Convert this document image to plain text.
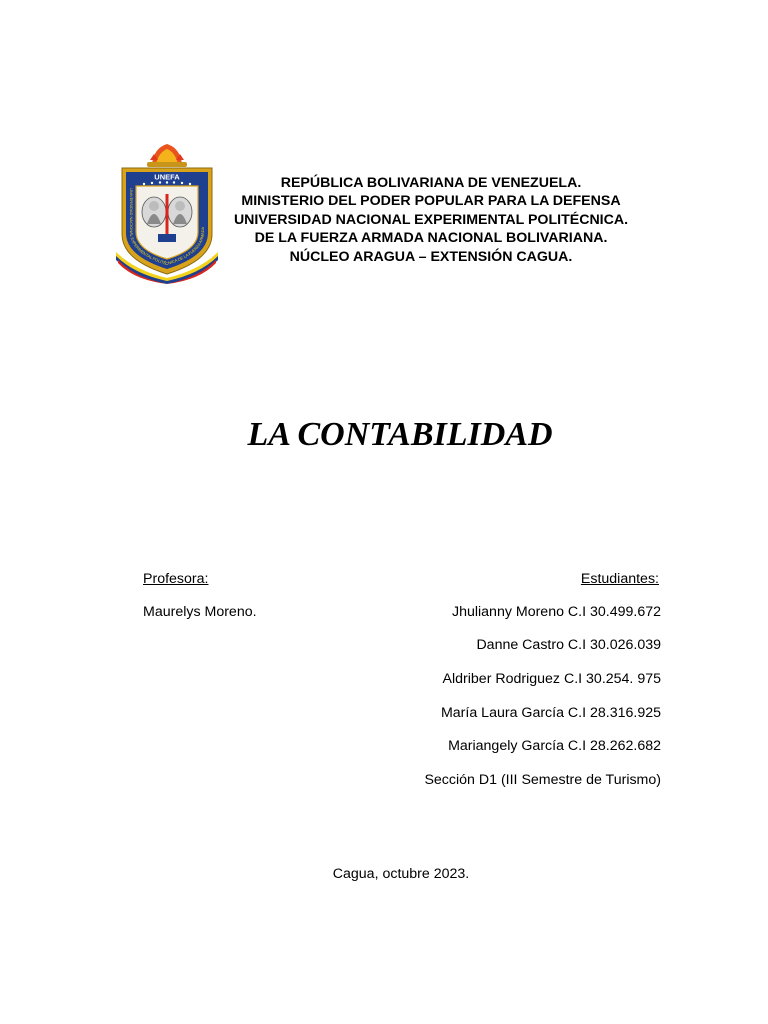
UNEFA
UNIVERSIDAD NACIONAL EXPERIMENTAL POLITÉCNICA DE LA FUERZA ARMADA
REPÚBLICA BOLIVARIANA DE VENEZUELA.
MINISTERIO DEL PODER POPULAR PARA LA DEFENSA
UNIVERSIDAD NACIONAL EXPERIMENTAL POLITÉCNICA.
DE LA FUERZA ARMADA NACIONAL BOLIVARIANA.
NÚCLEO ARAGUA – EXTENSIÓN CAGUA.
LA CONTABILIDAD
Profesora:
Maurelys Moreno.
Estudiantes:
Jhulianny Moreno C.I 30.499.672
Danne Castro C.I 30.026.039
Aldriber Rodriguez C.I 30.254. 975
María Laura García C.I 28.316.925
Mariangely García C.I 28.262.682
Sección D1 (III Semestre de Turismo)
Cagua, octubre 2023.
